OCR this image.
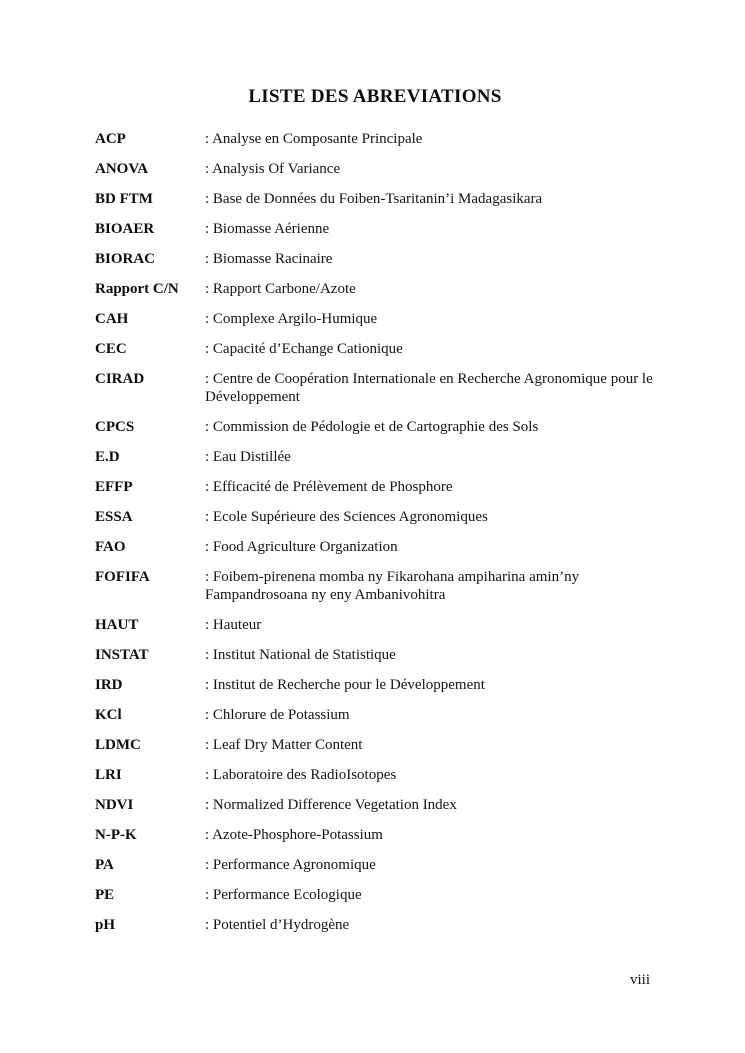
LISTE DES ABREVIATIONS
ACP	: Analyse en Composante Principale
ANOVA	: Analysis Of Variance
BD FTM	: Base de Données du Foiben-Tsaritanin’i Madagasikara
BIOAER	: Biomasse Aérienne
BIORAC	: Biomasse Racinaire
Rapport C/N	: Rapport Carbone/Azote
CAH	: Complexe Argilo-Humique
CEC	: Capacité d’Echange Cationique
CIRAD	: Centre de Coopération Internationale en Recherche Agronomique pour le Développement
CPCS	: Commission de Pédologie et de Cartographie des Sols
E.D	: Eau Distillée
EFFP	: Efficacité de Prélèvement de Phosphore
ESSA	: Ecole Supérieure des Sciences Agronomiques
FAO	: Food Agriculture Organization
FOFIFA	: Foibem-pirenena momba ny Fikarohana ampiharina amin’ny Fampandrosoana ny eny Ambanivohitra
HAUT	: Hauteur
INSTAT	: Institut National de Statistique
IRD	: Institut de Recherche pour le Développement
KCl	: Chlorure de Potassium
LDMC	: Leaf Dry Matter Content
LRI	: Laboratoire des RadioIsotopes
NDVI	: Normalized Difference Vegetation Index
N-P-K	: Azote-Phosphore-Potassium
PA	: Performance Agronomique
PE	: Performance Ecologique
pH	: Potentiel d’Hydrogène
viii
